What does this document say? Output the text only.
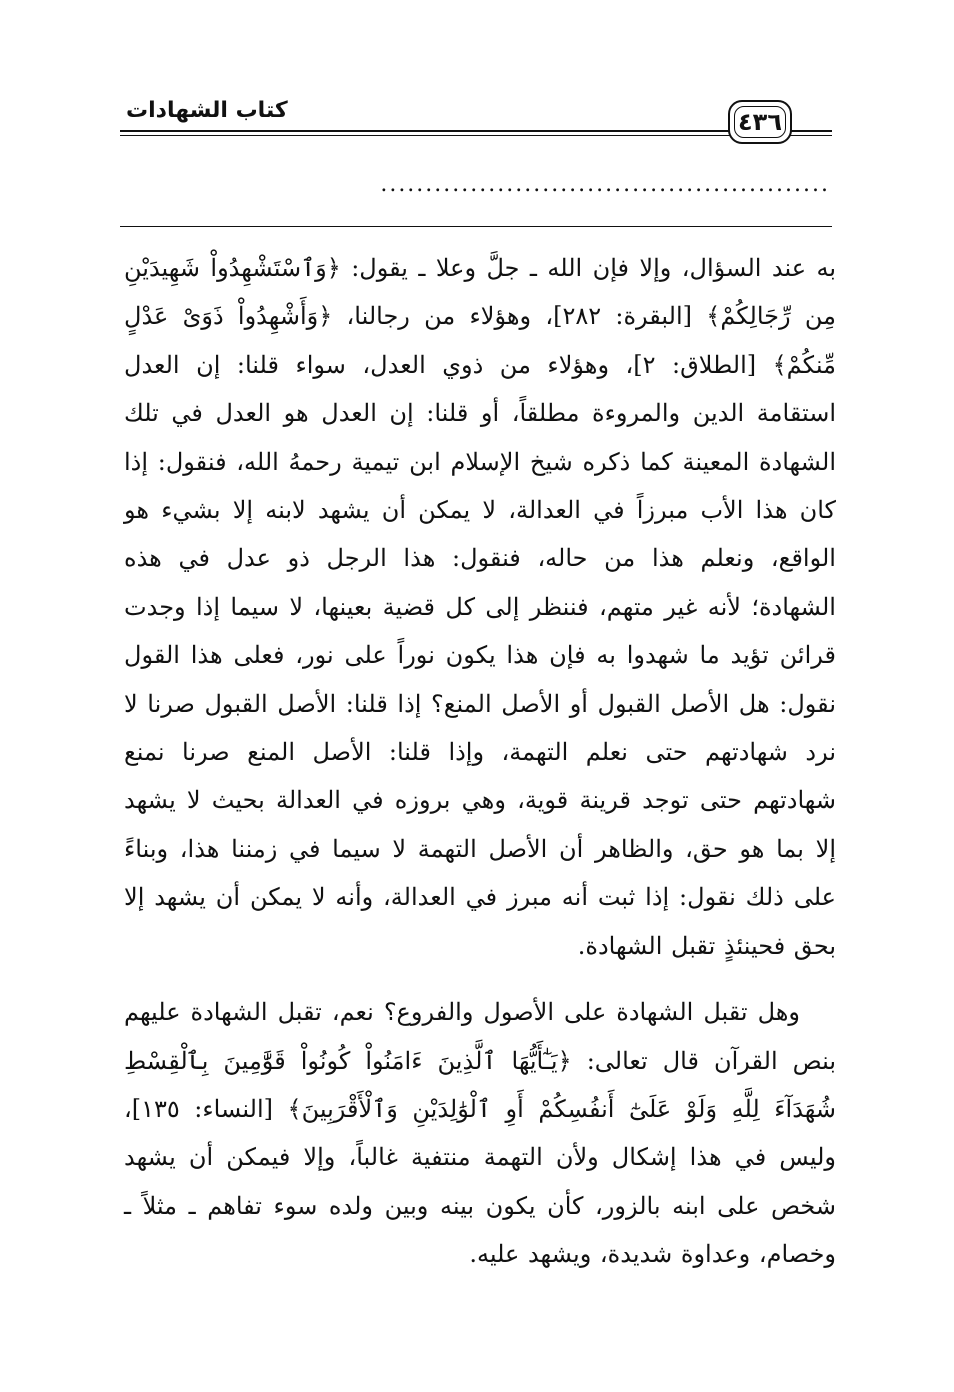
كتاب الشهادات	٤٣٦
..................................................

به عند السؤال، وإلا فإن الله ـ جلَّ وعلا ـ يقول: ﴿وَٱسْتَشْهِدُواْ شَهِيدَيْنِ مِن رِّجَالِكُمْ﴾ [البقرة: ٢٨٢]، وهؤلاء من رجالنا، ﴿وَأَشْهِدُواْ ذَوَىْ عَدْلٍ مِّنكُمْ﴾ [الطلاق: ٢]، وهؤلاء من ذوي العدل، سواء قلنا: إن العدل استقامة الدين والمروءة مطلقاً، أو قلنا: إن العدل هو العدل في تلك الشهادة المعينة كما ذكره شيخ الإسلام ابن تيمية رحمهُ الله، فنقول: إذا كان هذا الأب مبرزاً في العدالة، لا يمكن أن يشهد لابنه إلا بشيء هو الواقع، ونعلم هذا من حاله، فنقول: هذا الرجل ذو عدل في هذه الشهادة؛ لأنه غير متهم، فننظر إلى كل قضية بعينها، لا سيما إذا وجدت قرائن تؤيد ما شهدوا به فإن هذا يكون نوراً على نور، فعلى هذا القول نقول: هل الأصل القبول أو الأصل المنع؟ إذا قلنا: الأصل القبول صرنا لا نرد شهادتهم حتى نعلم التهمة، وإذا قلنا: الأصل المنع صرنا نمنع شهادتهم حتى توجد قرينة قوية، وهي بروزه في العدالة بحيث لا يشهد إلا بما هو حق، والظاهر أن الأصل التهمة لا سيما في زمننا هذا، وبناءً على ذلك نقول: إذا ثبت أنه مبرز في العدالة، وأنه لا يمكن أن يشهد إلا بحق فحينئذٍ تقبل الشهادة.

وهل تقبل الشهادة على الأصول والفروع؟ نعم، تقبل الشهادة عليهم بنص القرآن قال تعالى: ﴿يَـٰٓأَيُّهَا ٱلَّذِينَ ءَامَنُواْ كُونُواْ قَوَّٰمِينَ بِٱلْقِسْطِ شُهَدَآءَ لِلَّهِ وَلَوْ عَلَىٰٓ أَنفُسِكُمْ أَوِ ٱلْوَٰلِدَيْنِ وَٱلْأَقْرَبِينَ﴾ [النساء: ١٣٥]، وليس في هذا إشكال ولأن التهمة منتفية غالباً، وإلا فيمكن أن يشهد شخص على ابنه بالزور، كأن يكون بينه وبين ولده سوء تفاهم ـ مثلاً ـ وخصام، وعداوة شديدة، ويشهد عليه.
